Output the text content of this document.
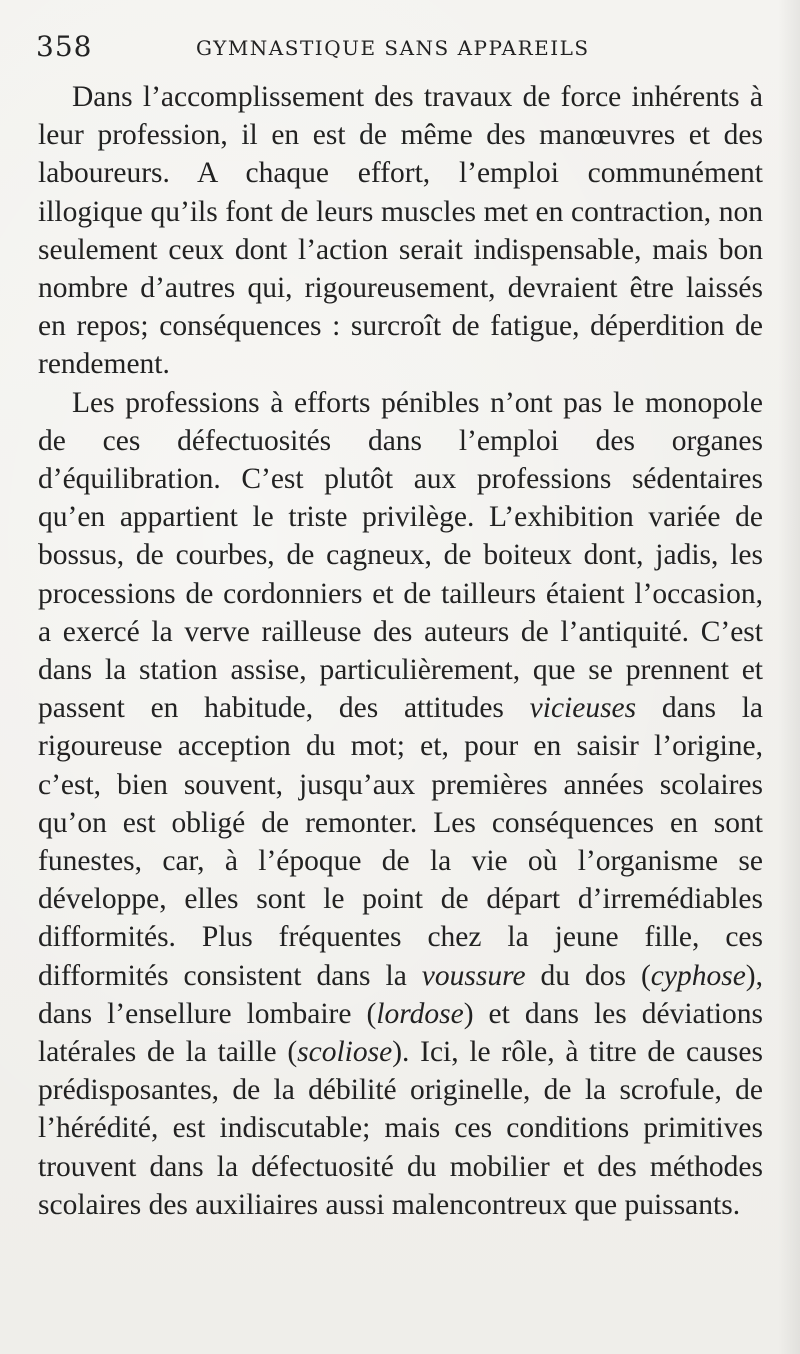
358	GYMNASTIQUE SANS APPAREILS

Dans l’accomplissement des travaux de force inhérents à leur profession, il en est de même des manœuvres et des laboureurs. A chaque effort, l’emploi communément illogique qu’ils font de leurs muscles met en contraction, non seulement ceux dont l’action serait indispensable, mais bon nombre d’autres qui, rigoureusement, devraient être laissés en repos; conséquences : surcroît de fatigue, déperdition de rendement.

Les professions à efforts pénibles n’ont pas le monopole de ces défectuosités dans l’emploi des organes d’équilibration. C’est plutôt aux professions sédentaires qu’en appartient le triste privilège. L’exhibition variée de bossus, de courbes, de cagneux, de boiteux dont, jadis, les processions de cordonniers et de tailleurs étaient l’occasion, a exercé la verve railleuse des auteurs de l’antiquité. C’est dans la station assise, particulièrement, que se prennent et passent en habitude, des attitudes vicieuses dans la rigoureuse acception du mot; et, pour en saisir l’origine, c’est, bien souvent, jusqu’aux premières années scolaires qu’on est obligé de remonter. Les conséquences en sont funestes, car, à l’époque de la vie où l’organisme se développe, elles sont le point de départ d’irremédiables difformités. Plus fréquentes chez la jeune fille, ces difformités consistent dans la voussure du dos (cyphose), dans l’ensellure lombaire (lordose) et dans les déviations latérales de la taille (scoliose). Ici, le rôle, à titre de causes prédisposantes, de la débilité originelle, de la scrofule, de l’hérédité, est indiscutable; mais ces conditions primitives trouvent dans la défectuosité du mobilier et des méthodes scolaires des auxiliaires aussi malencontreux que puissants.
